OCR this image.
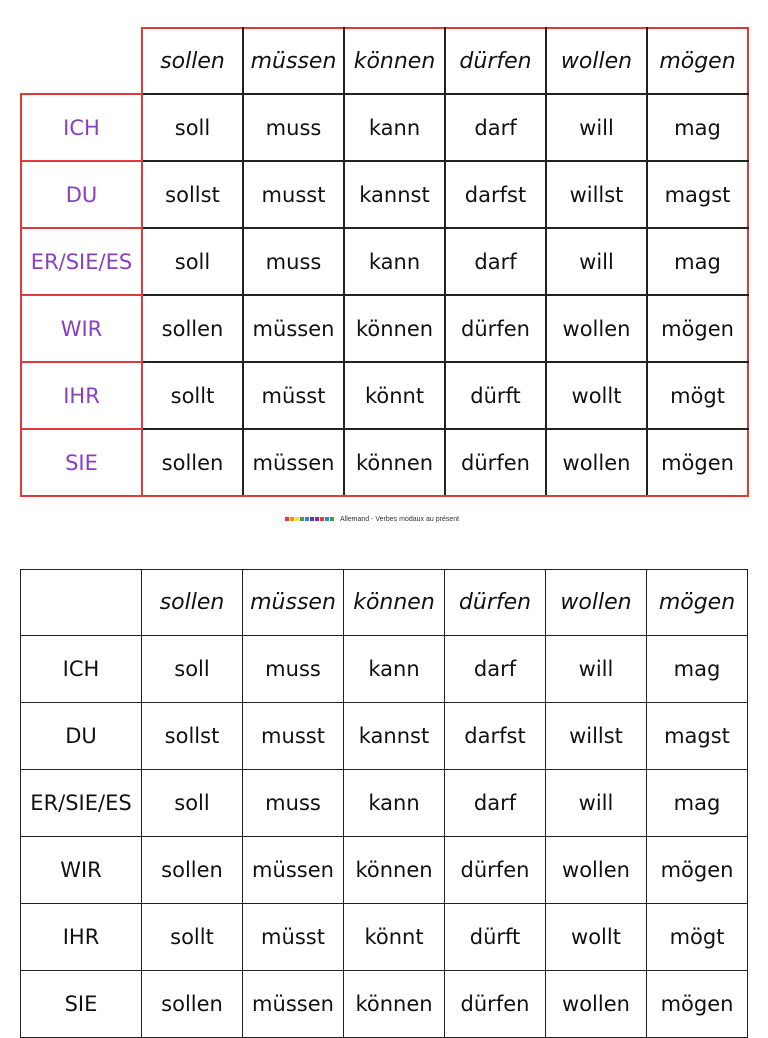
	sollen	müssen	können	dürfen	wollen	mögen
ICH	soll	muss	kann	darf	will	mag
DU	sollst	musst	kannst	darfst	willst	magst
ER/SIE/ES	soll	muss	kann	darf	will	mag
WIR	sollen	müssen	können	dürfen	wollen	mögen
IHR	sollt	müsst	könnt	dürft	wollt	mögt
SIE	sollen	müssen	können	dürfen	wollen	mögen
Allemand - Verbes modaux au présent
	sollen	müssen	können	dürfen	wollen	mögen
ICH	soll	muss	kann	darf	will	mag
DU	sollst	musst	kannst	darfst	willst	magst
ER/SIE/ES	soll	muss	kann	darf	will	mag
WIR	sollen	müssen	können	dürfen	wollen	mögen
IHR	sollt	müsst	könnt	dürft	wollt	mögt
SIE	sollen	müssen	können	dürfen	wollen	mögen
